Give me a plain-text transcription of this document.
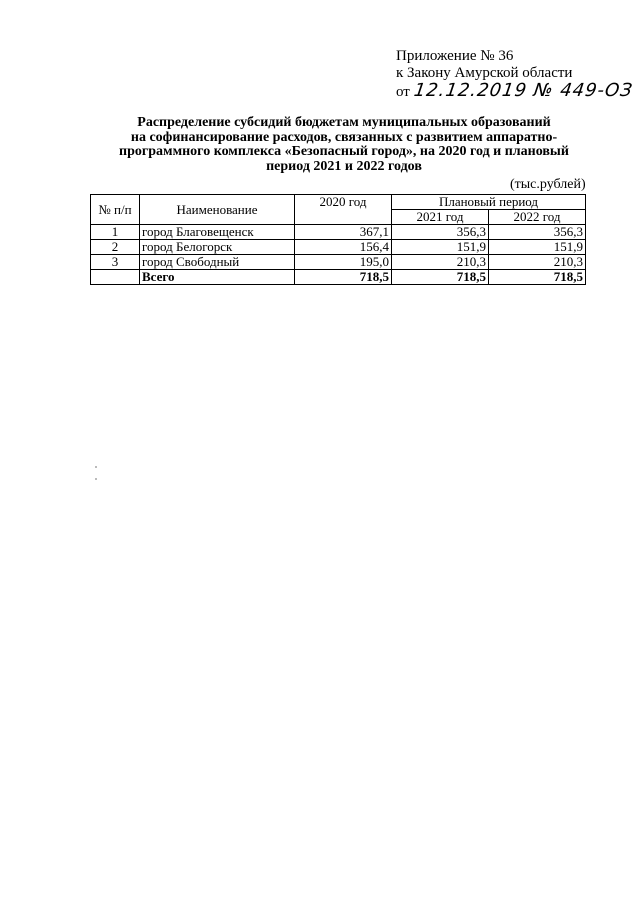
Приложение № 36
к Закону Амурской области
от 12.12.2019 № 449-ОЗ
Распределение субсидий бюджетам муниципальных образований
на софинансирование расходов, связанных с развитием аппаратно-
программного комплекса «Безопасный город», на 2020 год и плановый
период 2021 и 2022 годов
(тыс.рублей)
№ п/п	Наименование	2020 год	Плановый период	
			2021 год	2022 год
1	город Благовещенск	367,1	356,3	356,3
2	город Белогорск	156,4	151,9	151,9
3	город Свободный	195,0	210,3	210,3
	Всего	718,5	718,5	718,5
